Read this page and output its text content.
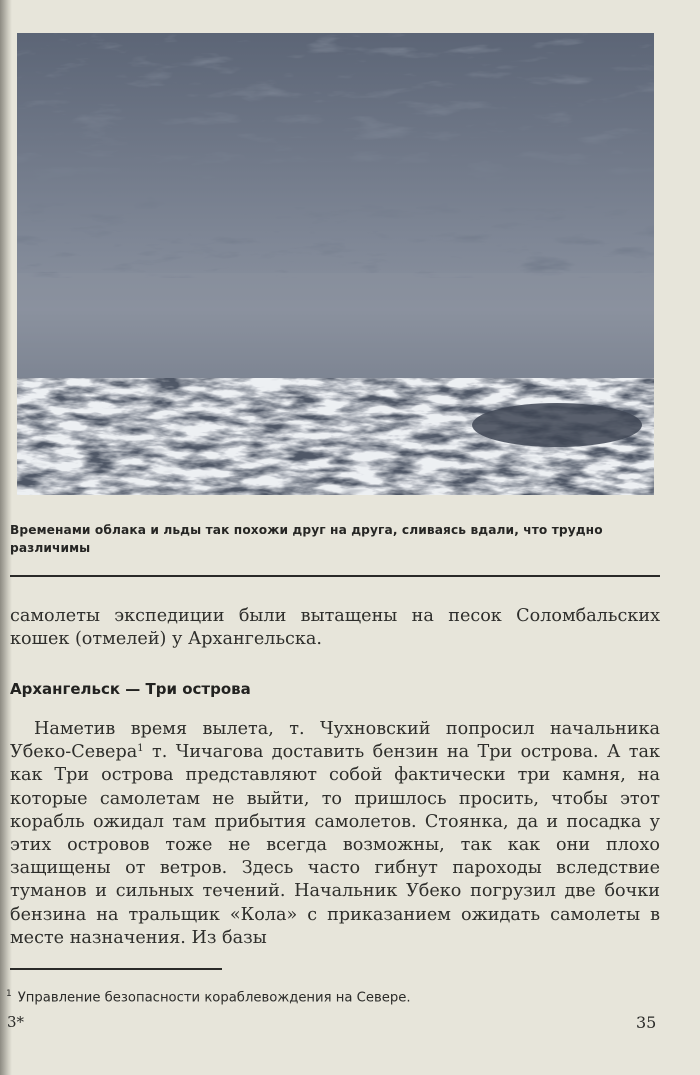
Временами облака и льды так похожи друг на друга, сливаясь вдали, что трудно различимы

самолеты экспедиции были вытащены на песок Соломбальских кошек (отмелей) у Архангельска.

Архангельск — Три острова

Наметив время вылета, т. Чухновский попросил начальника Убеко-Севера$^1$ т. Чичагова доставить бензин на Три острова. А так как Три острова представляют собой фактически три камня, на которые самолетам не выйти, то пришлось просить, чтобы этот корабль ожидал там прибытия самолетов. Стоянка, да и посадка у этих островов тоже не всегда возможны, так как они плохо защищены от ветров. Здесь часто гибнут пароходы вследствие туманов и сильных течений. Начальник Убеко погрузил две бочки бензина на тральщик «Кола» с приказанием ожидать самолеты в месте назначения. Из базы

$^1$ Управление безопасности кораблевождения на Севере.
3*	35
